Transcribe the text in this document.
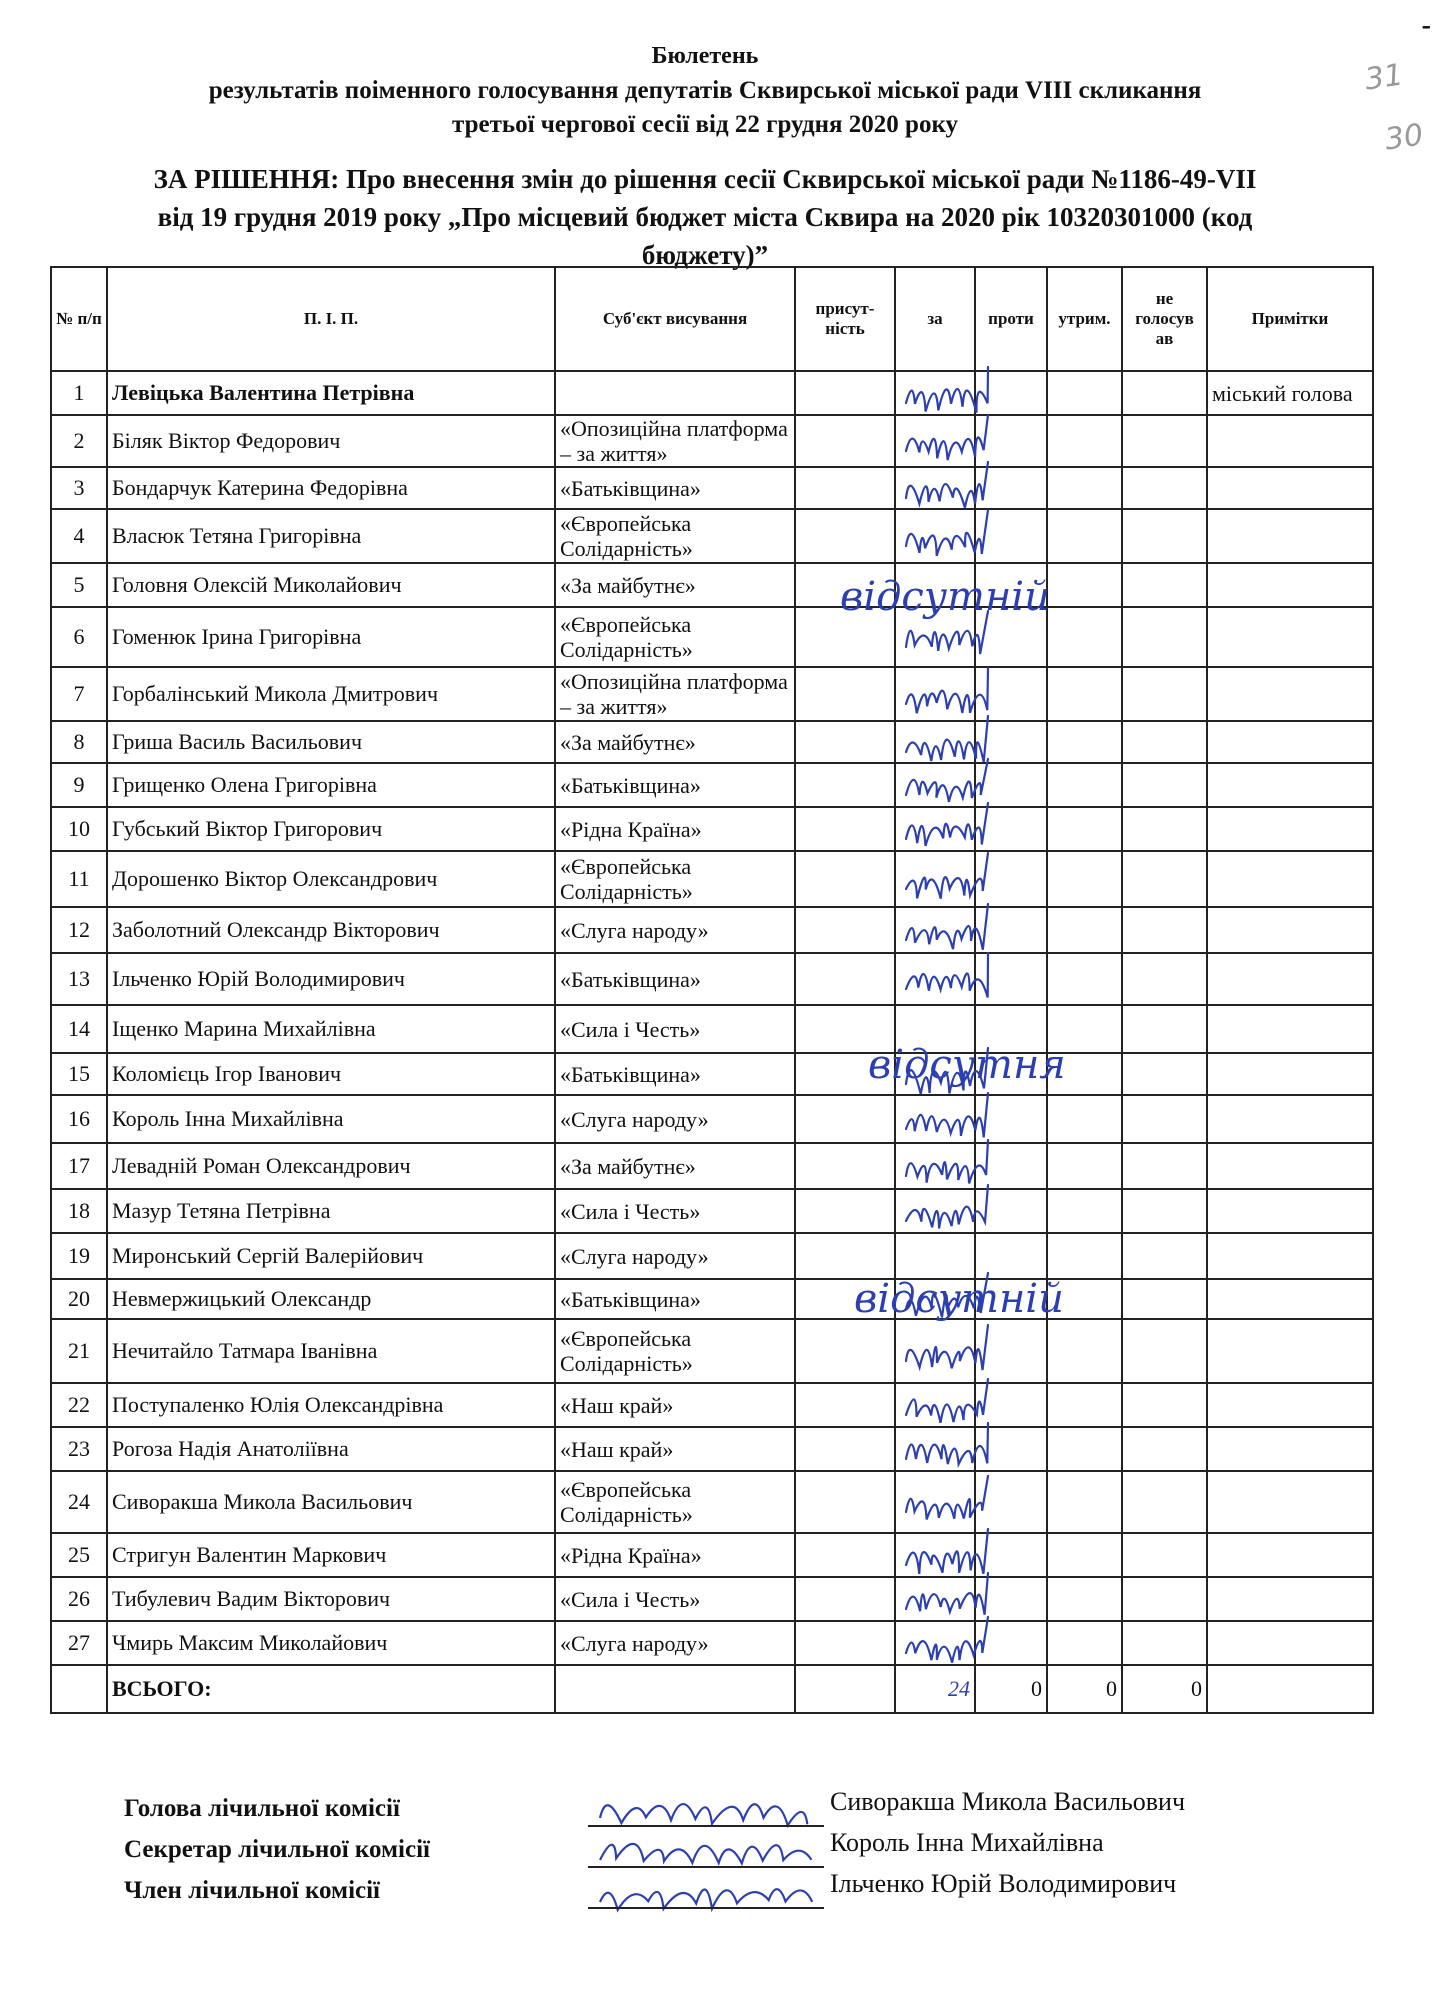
-
31
30
Бюлетень
результатів поіменного голосування депутатів Сквирської міської ради VIII скликання
третьої чергової сесії від 22 грудня 2020 року
ЗА РІШЕННЯ: Про внесення змін до рішення сесії Сквирської міської ради №1186-49-VII
від 19 грудня 2019 року „Про місцевий бюджет міста Сквира на 2020 рік 10320301000 (код
бюджету)”
№ п/п	П. І. П.	Суб'єкт висування	присут-ність	за	проти	утрим.	не голосув ав	Примітки
1	Левіцька Валентина Петрівна							міський голова
2	Біляк Віктор Федорович	«Опозиційна платформа – за життя»						
3	Бондарчук Катерина Федорівна	«Батьківщина»						
4	Власюк Тетяна Григорівна	«Європейська Солідарність»						
5	Головня Олексій Миколайович	«За майбутнє»						
6	Гоменюк Ірина Григорівна	«Європейська Солідарність»						
7	Горбалінський Микола Дмитрович	«Опозиційна платформа – за життя»						
8	Гриша Василь Васильович	«За майбутнє»						
9	Грищенко Олена Григорівна	«Батьківщина»						
10	Губський Віктор Григорович	«Рідна Країна»						
11	Дорошенко Віктор Олександрович	«Європейська Солідарність»						
12	Заболотний Олександр Вікторович	«Слуга народу»						
13	Ільченко Юрій Володимирович	«Батьківщина»						
14	Іщенко Марина Михайлівна	«Сила і Честь»						
15	Коломієць Ігор Іванович	«Батьківщина»						
16	Король Інна Михайлівна	«Слуга народу»						
17	Левадній Роман Олександрович	«За майбутнє»						
18	Мазур Тетяна Петрівна	«Сила і Честь»						
19	Миронський Сергій Валерійович	«Слуга народу»						
20	Невмержицький Олександр	«Батьківщина»						
21	Нечитайло Татмара Іванівна	«Європейська Солідарність»						
22	Поступаленко Юлія Олександрівна	«Наш край»						
23	Рогоза Надія Анатоліївна	«Наш край»						
24	Сиворакша Микола Васильович	«Європейська Солідарність»						
25	Стригун Валентин Маркович	«Рідна Країна»						
26	Тибулевич Вадим Вікторович	«Сила і Честь»						
27	Чмирь Максим Миколайович	«Слуга народу»						
	ВСЬОГО:			24	0	0	0	
відсутній
відсутня
відсутній
Голова лічильної комісії	Сиворакша Микола Васильович
Секретар лічильної комісії	Король Інна Михайлівна
Член лічильної комісії	Ільченко Юрій Володимирович
